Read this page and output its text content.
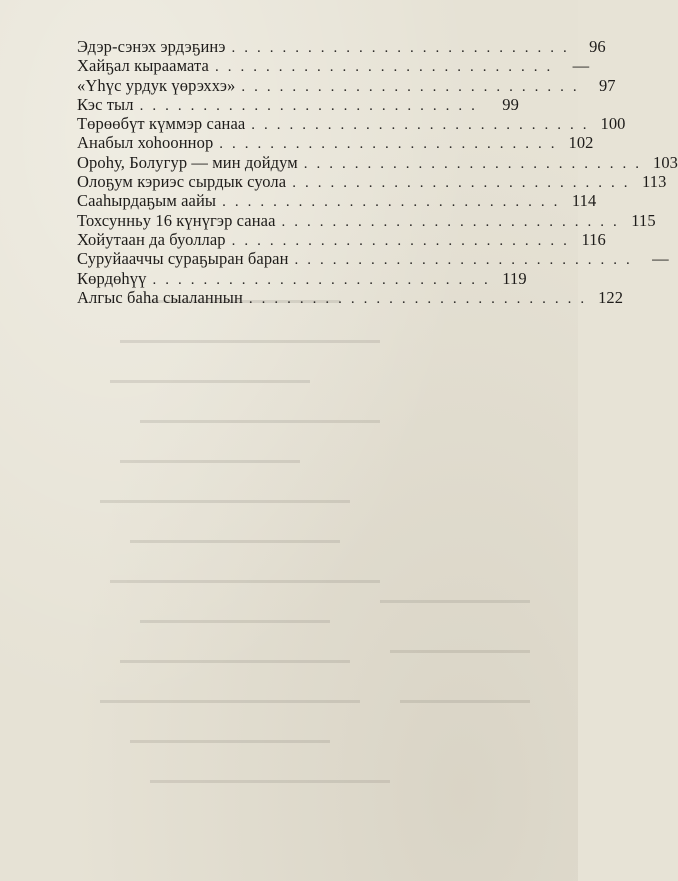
Эдэр-сэнэх эрдэҕинэ ........................... 96
Хайҕал кыраамата ........................... —
«Үһүс урдук үөрэххэ» ........................... 97
Кэс тыл ...........................	99
Төрөөбүт күммэр санаа ........................... 100
Анабыл хоһооннор ........................... 102
Ороһу, Болугур — мин дойдум ........................... 103
Олоҕум кэриэс сырдык суола ........................... 113
Сааһырдаҕым аайы ........................... 114
Тохсунньу 16 күнүгэр санаа ........................... 115
Хойутаан да буоллар ........................... 116
Суруйааччы сураҕыран баран ........................... —
Көрдөһүү ........................... 119
Алгыс баһа сыаланнын ........................... 122
